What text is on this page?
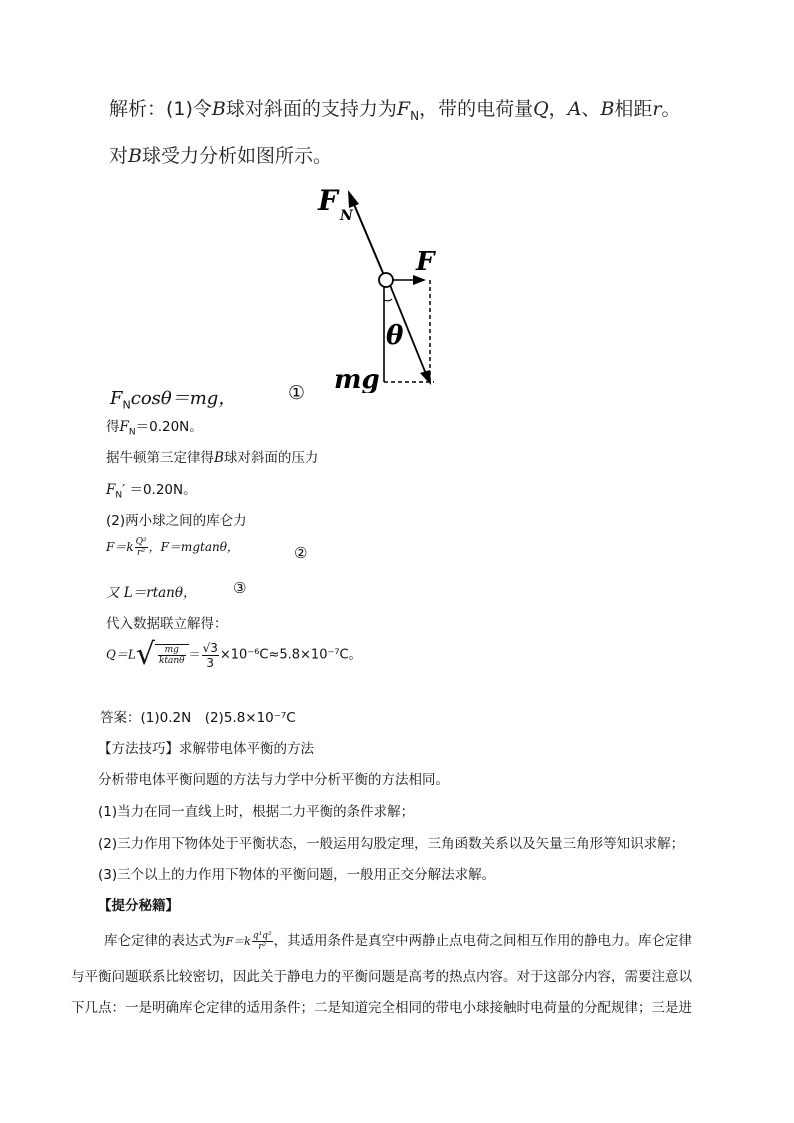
解析：(1)令B球对斜面的支持力为$F_N$，带的电荷量Q，A、B相距r。
对B球受力分析如图所示。
F N
F
θ
mg
$F_N\cos\theta=mg$，	①
得$F_N=0.20N$。
据牛顿第三定律得B球对斜面的压力
$F_N' =0.20N$。
(2)两小球之间的库仑力
$F=k \frac{\text{Q²}}{\text{r²}}$ ，F＝mgtanθ，	②
又 L＝rtanθ， ③
代入数据联立解得：
$Q=L√ \frac{mg}{ktan\theta} = \frac{√3}{3} \times 10^{-6}C\approx 5.8\times 10^{-7}C$。
答案：(1)0.2N　(2)5.8×10⁻⁷C
【方法技巧】求解带电体平衡的方法
分析带电体平衡问题的方法与力学中分析平衡的方法相同。
(1)当力在同一直线上时，根据二力平衡的条件求解；
(2)三力作用下物体处于平衡状态，一般运用勾股定理，三角函数关系以及矢量三角形等知识求解；
(3)三个以上的力作用下物体的平衡问题，一般用正交分解法求解。
【提分秘籍】
库仑定律的表达式为$F=k \frac{\text{q¹q²}}{\text{r²}}$ ，其适用条件是真空中两静止点电荷之间相互作用的静电力。库仑定律
与平衡问题联系比较密切，因此关于静电力的平衡问题是高考的热点内容。对于这部分内容，需要注意以
下几点：一是明确库仑定律的适用条件；二是知道完全相同的带电小球接触时电荷量的分配规律；三是进
